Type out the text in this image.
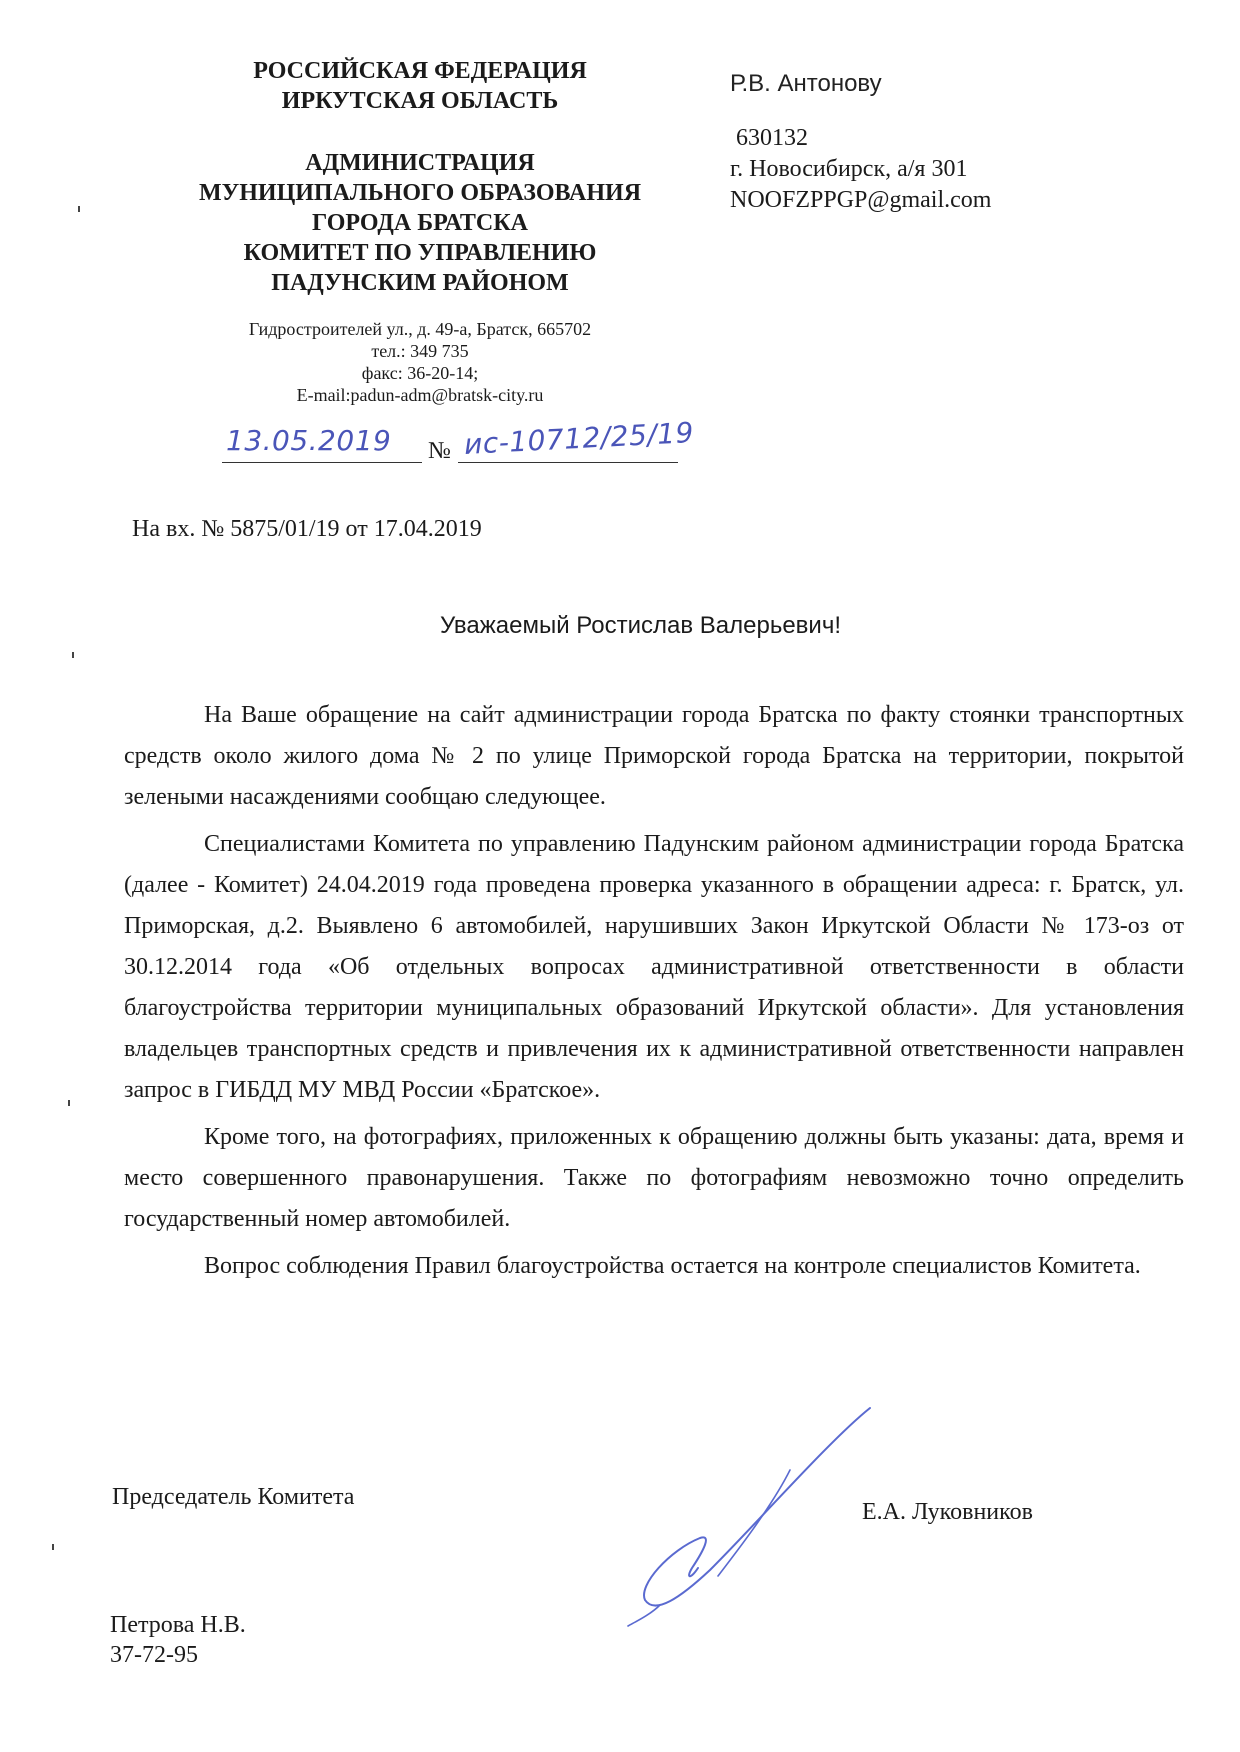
РОССИЙСКАЯ ФЕДЕРАЦИЯ
ИРКУТСКАЯ ОБЛАСТЬ
АДМИНИСТРАЦИЯ
МУНИЦИПАЛЬНОГО ОБРАЗОВАНИЯ
ГОРОДА БРАТСКА
КОМИТЕТ ПО УПРАВЛЕНИЮ
ПАДУНСКИМ РАЙОНОМ
Гидростроителей ул., д. 49-а, Братск, 665702
тел.: 349 735
факс: 36-20-14;
E-mail:padun-adm@bratsk-city.ru
13.05.2019 № ис-10712/25/19
Р.В. Антонову
630132
г. Новосибирск, а/я 301
NOOFZPPGP@gmail.com
На вх. № 5875/01/19 от 17.04.2019
Уважаемый Ростислав Валерьевич!
На Ваше обращение на сайт администрации города Братска по факту стоянки транспортных средств около жилого дома № 2 по улице Приморской города Братска на территории, покрытой зелеными насаждениями сообщаю следующее.
Специалистами Комитета по управлению Падунским районом администрации города Братска (далее - Комитет) 24.04.2019 года проведена проверка указанного в обращении адреса: г. Братск, ул. Приморская, д.2. Выявлено 6 автомобилей, нарушивших Закон Иркутской Области № 173-оз от 30.12.2014 года «Об отдельных вопросах административной ответственности в области благоустройства территории муниципальных образований Иркутской области». Для установления владельцев транспортных средств и привлечения их к административной ответственности направлен запрос в ГИБДД МУ МВД России «Братское».
Кроме того, на фотографиях, приложенных к обращению должны быть указаны: дата, время и место совершенного правонарушения. Также по фотографиям невозможно точно определить государственный номер автомобилей.
Вопрос соблюдения Правил благоустройства остается на контроле специалистов Комитета.
Председатель Комитета
Е.А. Луковников
Петрова Н.В.
37-72-95
